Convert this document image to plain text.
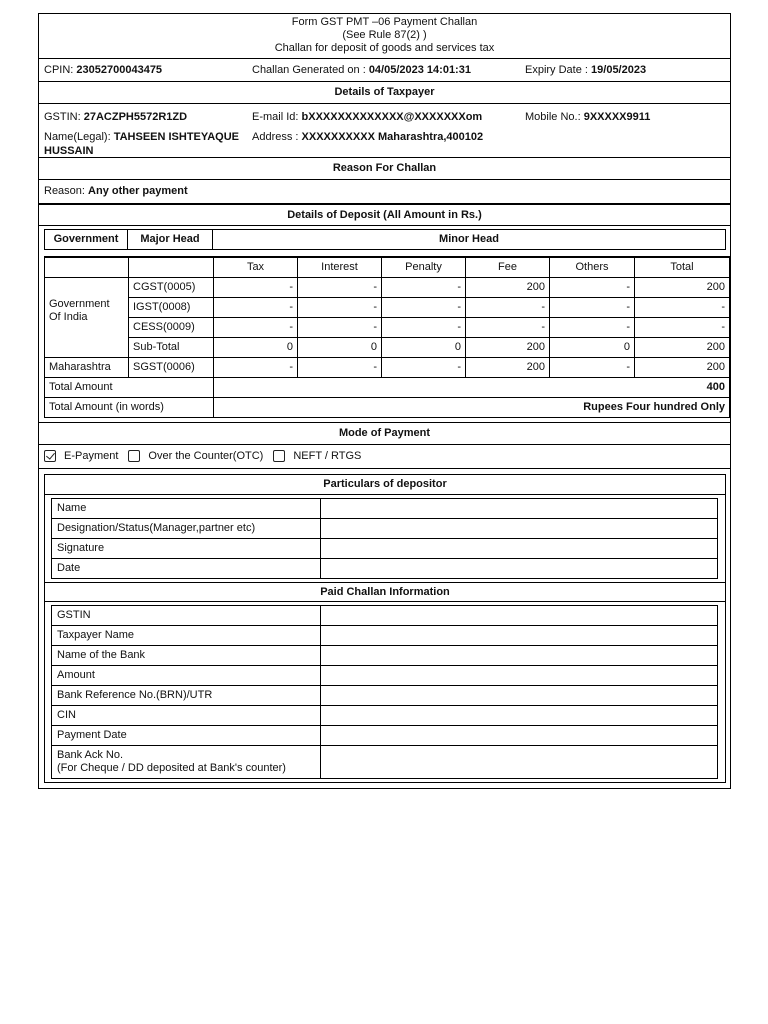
Form GST PMT –06 Payment Challan
(See Rule 87(2) )
Challan for deposit of goods and services tax
CPIN: 23052700043475	Challan Generated on : 04/05/2023 14:01:31	Expiry Date : 19/05/2023
Details of Taxpayer
GSTIN: 27ACZPH5572R1ZD
Name(Legal): TAHSEEN ISHTEYAQUE HUSSAIN
E-mail Id: bXXXXXXXXXXXXX@XXXXXXXom
Address : XXXXXXXXXX Maharashtra,400102
Mobile No.: 9XXXXX9911
Reason For Challan
Reason: Any other payment
Details of Deposit (All Amount in Rs.)
Government	Major Head	Minor Head
		Tax	Interest	Penalty	Fee	Others	Total
Government Of India	CGST(0005)	-	-	-	200	-	200
	IGST(0008)	-	-	-	-	-	-
	CESS(0009)	-	-	-	-	-	-
	Sub-Total	0	0	0	200	0	200
Maharashtra	SGST(0006)	-	-	-	200	-	200
Total Amount		400					
Total Amount (in words)		Rupees Four hundred Only					
Mode of Payment
E-Payment	Over the Counter(OTC)	NEFT / RTGS
Particulars of depositor
Name	
Designation/Status(Manager,partner etc)	
Signature	
Date	
Paid Challan Information
GSTIN	
Taxpayer Name	
Name of the Bank	
Amount	
Bank Reference No.(BRN)/UTR	
CIN	
Payment Date	

Bank Ack No.
(For Cheque / DD deposited at Bank's counter)	
